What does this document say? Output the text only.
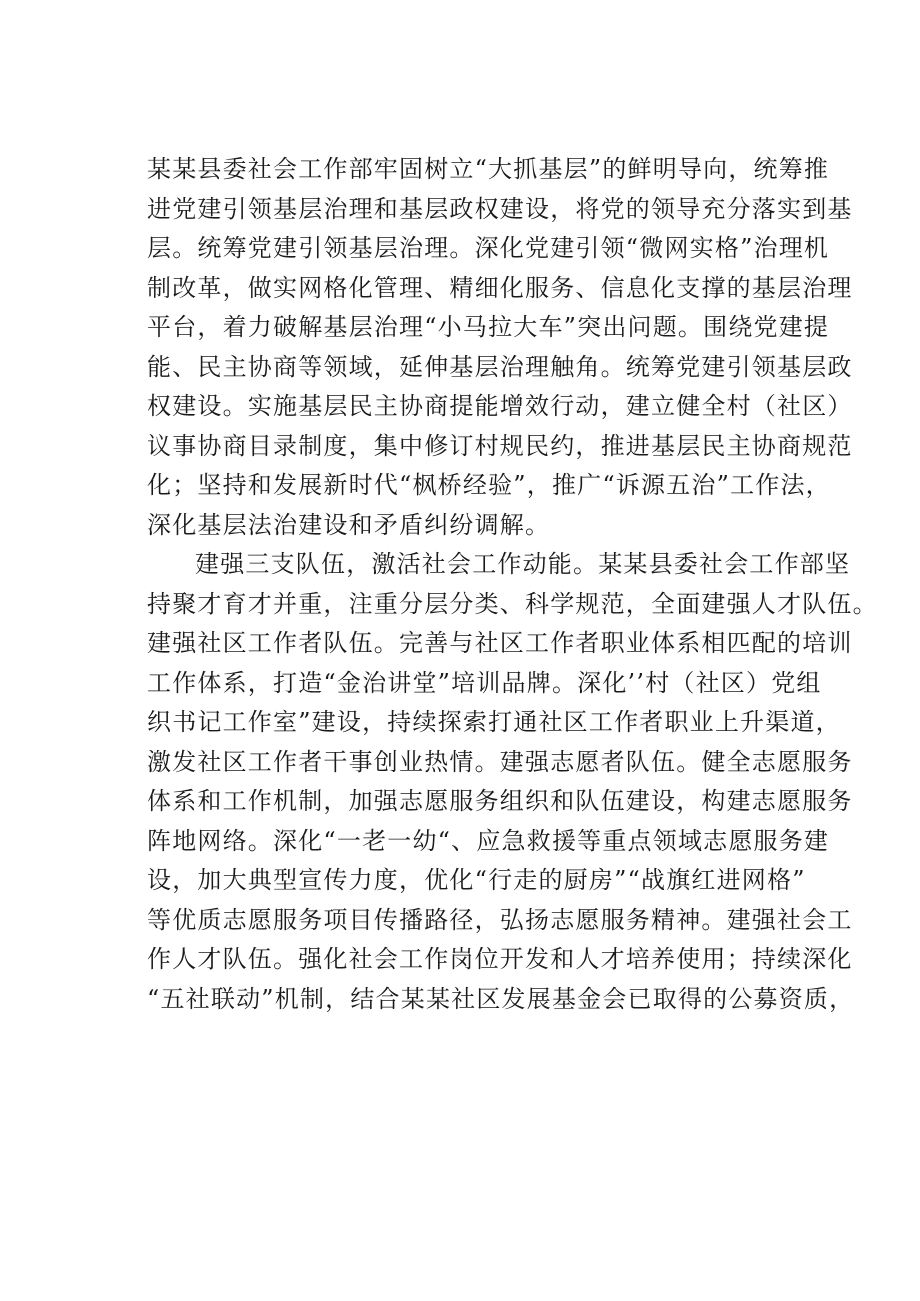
某某县委社会工作部牢固树立“大抓基层”的鲜明导向，统筹推
进党建引领基层治理和基层政权建设，将党的领导充分落实到基
层。统筹党建引领基层治理。深化党建引领“微网实格”治理机
制改革，做实网格化管理、精细化服务、信息化支撑的基层治理
平台，着力破解基层治理“小马拉大车”突出问题。围绕党建提
能、民主协商等领域，延伸基层治理触角。统筹党建引领基层政
权建设。实施基层民主协商提能增效行动，建立健全村（社区）
议事协商目录制度，集中修订村规民约，推进基层民主协商规范
化；坚持和发展新时代“枫桥经验”，推广“诉源五治”工作法，
深化基层法治建设和矛盾纠纷调解。
建强三支队伍，激活社会工作动能。某某县委社会工作部坚
持聚才育才并重，注重分层分类、科学规范，全面建强人才队伍。
建强社区工作者队伍。完善与社区工作者职业体系相匹配的培训
工作体系，打造“金治讲堂”培训品牌。深化’’村（社区）党组
织书记工作室”建设，持续探索打通社区工作者职业上升渠道，
激发社区工作者干事创业热情。建强志愿者队伍。健全志愿服务
体系和工作机制，加强志愿服务组织和队伍建设，构建志愿服务
阵地网络。深化“一老一幼“、应急救援等重点领域志愿服务建
设，加大典型宣传力度，优化“行走的厨房”“战旗红进网格”
等优质志愿服务项目传播路径，弘扬志愿服务精神。建强社会工
作人才队伍。强化社会工作岗位开发和人才培养使用；持续深化
“五社联动”机制，结合某某社区发展基金会已取得的公募资质，
